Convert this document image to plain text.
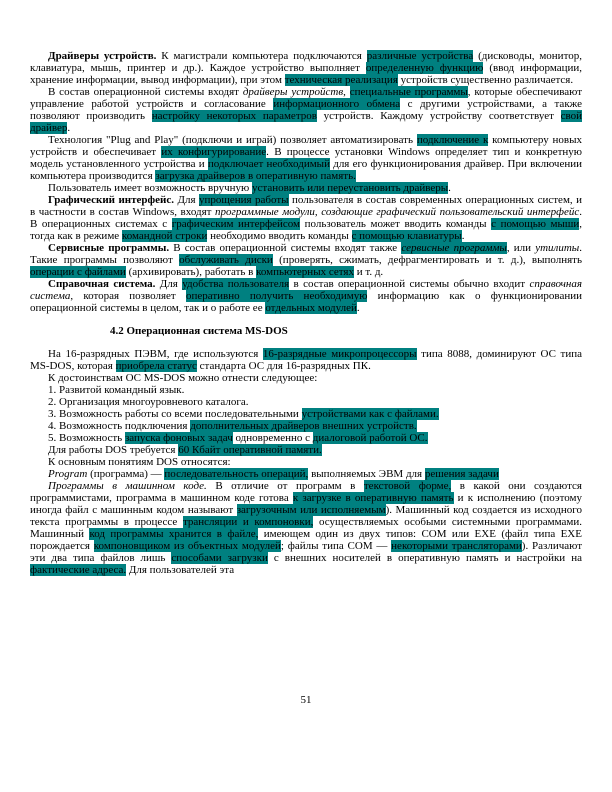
Драйверы устройств. К магистрали компьютера подключаются различные устройства (дисководы, монитор, клавиатура, мышь, принтер и др.). Каждое устройство выполняет определенную функцию (ввод информации, хранение информации, вывод информации), при этом техническая реализация устройств существенно различается.

В состав операционной системы входят драйверы устройств, специальные программы, которые обеспечивают управление работой устройств и согласование информационного обмена с другими устройствами, а также позволяют производить настройку некоторых параметров устройств. Каждому устройству соответствует свой драйвер.

Технология "Plug and Play" (подключи и играй) позволяет автоматизировать подключение к компьютеру новых устройств и обеспечивает их конфигурирование. В процессе установки Windows определяет тип и конкретную модель установленного устройства и подключает необходимый для его функционирования драйвер. При включении компьютера производится загрузка драйверов в оперативную память.

Пользователь имеет возможность вручную установить или переустановить драйверы.

Графический интерфейс. Для упрощения работы пользователя в состав современных операционных систем, и в частности в состав Windows, входят программные модули, создающие графический пользовательский интерфейс. В операционных системах с графическим интерфейсом пользователь может вводить команды с помощью мыши, тогда как в режиме командной строки необходимо вводить команды с помощью клавиатуры.

Сервисные программы. В состав операционной системы входят также сервисные программы, или утилиты. Такие программы позволяют обслуживать диски (проверять, сжимать, дефрагментировать и т. д.), выполнять операции с файлами (архивировать), работать в компьютерных сетях и т. д.

Справочная система. Для удобства пользователя в состав операционной системы обычно входит справочная система, которая позволяет оперативно получить необходимую информацию как о функционировании операционной системы в целом, так и о работе ее отдельных модулей.

4.2 Операционная система MS-DOS

На 16-разрядных ПЭВМ, где используются 16-разрядные микропроцессоры типа 8088, доминируют ОС типа MS-DOS, которая приобрела статус стандарта ОС для 16-разрядных ПК.

К достоинствам ОС MS-DOS можно отнести следующее:

1. Развитой командный язык.

2. Организация многоуровневого каталога.

3. Возможность работы со всеми последовательными устройствами как с файлами.

4. Возможность подключения дополнительных драйверов внешних устройств.

5. Возможность запуска фоновых задач одновременно с диалоговой работой ОС.

Для работы DOS требуется 60 Кбайт оперативной памяти.

К основным понятиям DOS относятся:

Program (программа) — последовательность операций, выполняемых ЭВМ для решения задачи

Программы в машинном коде. В отличие от программ в текстовой форме, в какой они создаются программистами, программа в машинном коде готова к загрузке в оперативную память и к исполнению (поэтому иногда файл с машинным кодом называют загрузочным или исполняемым). Машинный код создается из исходного текста программы в процессе трансляции и компоновки, осуществляемых особыми системными программами. Машинный код программы хранится в файле, имеющем один из двух типов: COM или EXE (файл типа EXE порождается компоновщиком из объектных модулей; файлы типа COM — некоторыми трансляторами). Различают эти два типа файлов лишь способами загрузки с внешних носителей в оперативную память и настройки на фактические адреса. Для пользователей эта

51
